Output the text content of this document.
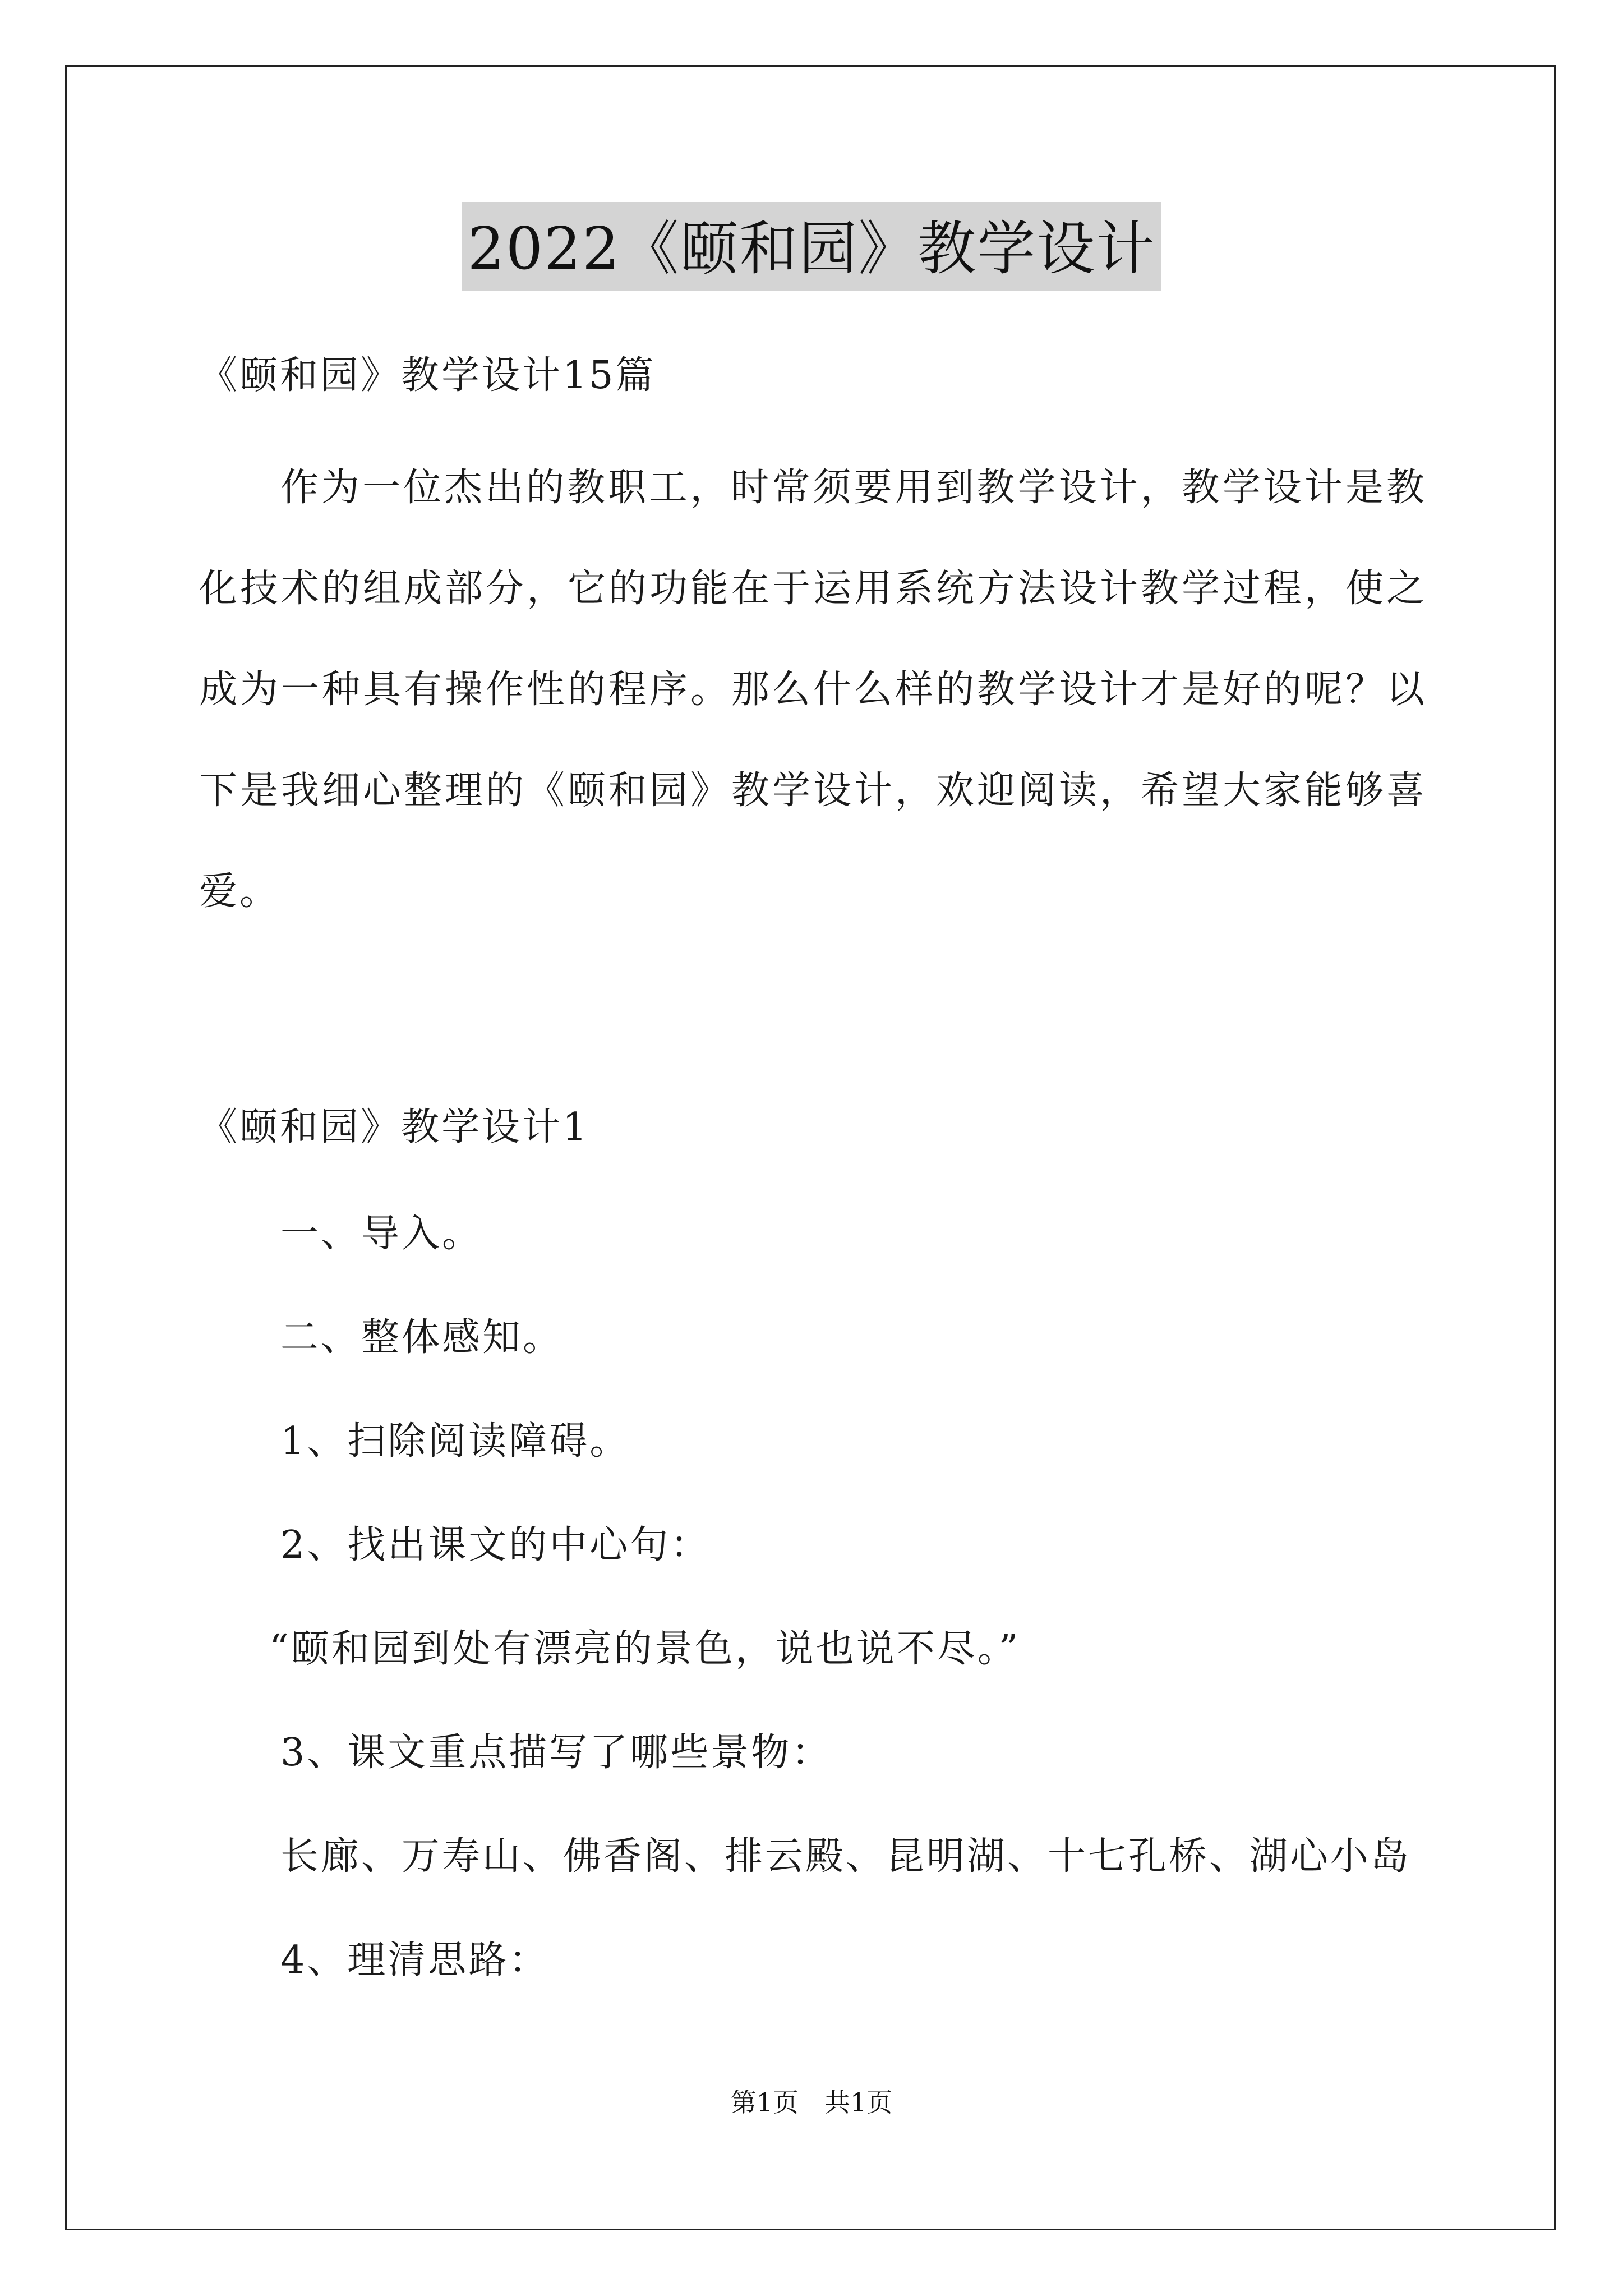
2022《颐和园》教学设计
《颐和园》教学设计15篇
作为一位杰出的教职工，时常须要用到教学设计，教学设计是教
化技术的组成部分，它的功能在于运用系统方法设计教学过程，使之
成为一种具有操作性的程序。那么什么样的教学设计才是好的呢？以
下是我细心整理的《颐和园》教学设计，欢迎阅读，希望大家能够喜
爱。
《颐和园》教学设计1
一、导入。
二、整体感知。
1、扫除阅读障碍。
2、找出课文的中心句：
“颐和园到处有漂亮的景色，说也说不尽。”
3、课文重点描写了哪些景物：
长廊、万寿山、佛香阁、排云殿、昆明湖、十七孔桥、湖心小岛
4、理清思路：
第1页　共1页
